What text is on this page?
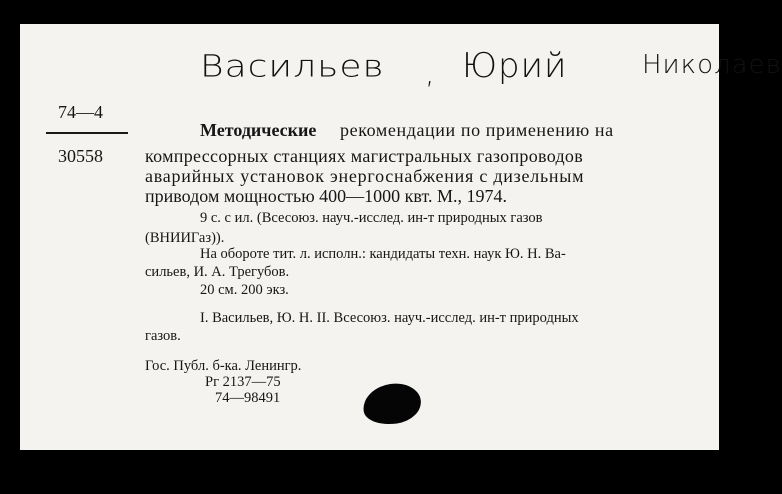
Васильев , Юрий	Николаев
74—4
30558
Методические рекомендации по применению на
компрессорных станциях магистральных газопроводов
аварийных установок энергоснабжения с дизельным
приводом мощностью 400—1000 квт. М., 1974.
9 с. с ил. (Всесоюз. науч.-исслед. ин-т природных газов
(ВНИИГаз)).
На обороте тит. л. исполн.: кандидаты техн. наук Ю. Н. Ва-
сильев, И. А. Трегубов.
20 см. 200 экз.
I. Васильев, Ю. Н. II. Всесоюз. науч.-исслед. ин-т природных
газов.
Гос. Публ. б-ка. Ленингр.
Рг 2137—75
74—98491
